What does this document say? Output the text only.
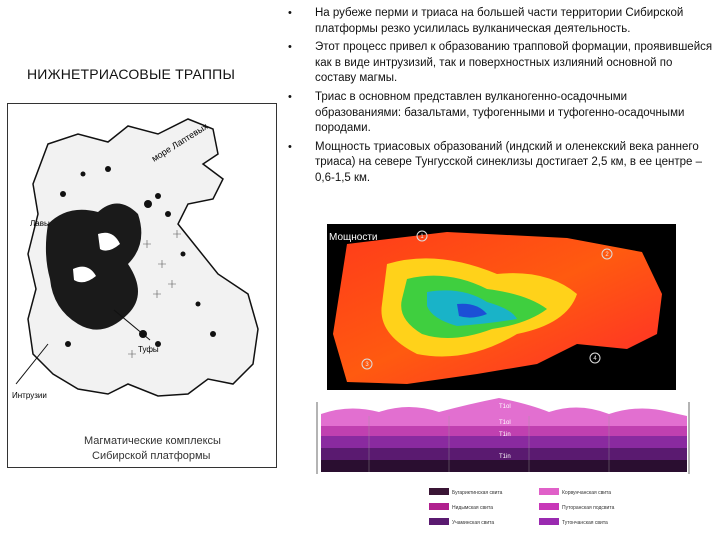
НИЖНЕТРИАСОВЫЕ ТРАППЫ
• На рубеже перми и триаса на большей части территории Сибирской платформы резко усилилась вулканическая деятельность.
• Этот процесс привел к образованию трапповой формации, проявившейся как в виде интрузизий, так и поверхностных излияний основной по составу магмы.
• Триас в основном представлен вулканогенно-осадочными образованиями: базальтами, туфогенными и туфогенно-осадочными породами.
• Мощность триасовых образований (индский и оленекский века раннего триаса) на севере Тунгусской синеклизы достигает 2,5 км, в ее центре – 0,6-1,5 км.
море Лаптевых
Лавы
Туфы
Интрузии
Магматические комплексы
Сибирской платформы
1
2
3
4
Мощности
T1ol
T1ol
T1in
T1in
Бугариктинская свита	Корвунчанская свита
Нидымская свита	Путоранская подсвита
Учаминская свита	Тутончанская свита
